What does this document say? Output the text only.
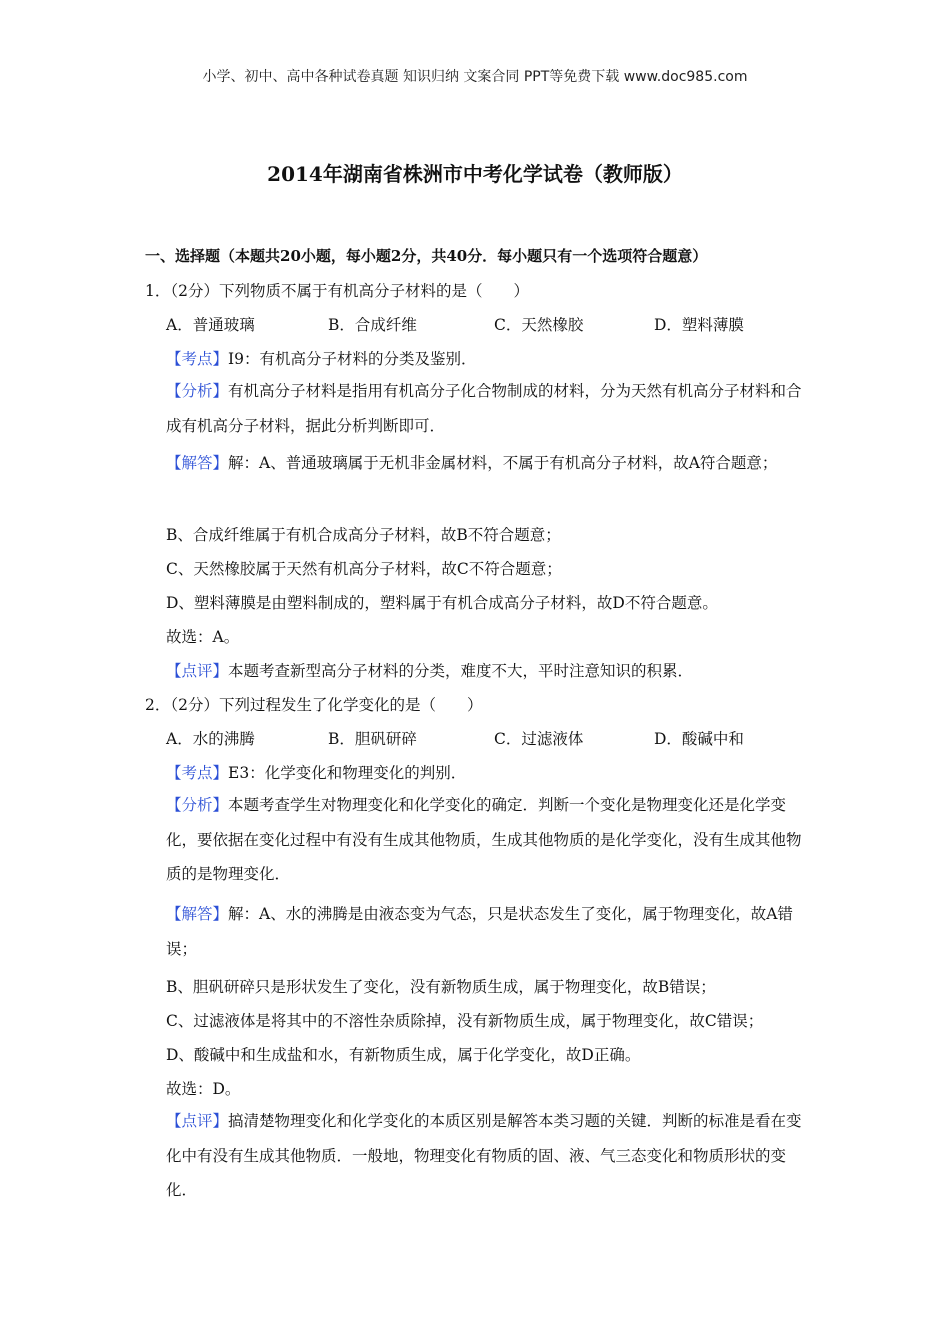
小学、初中、高中各种试卷真题 知识归纳 文案合同 PPT等免费下载 www.doc985.com
2014年湖南省株洲市中考化学试卷（教师版）
一、选择题（本题共20小题，每小题2分，共40分．每小题只有一个选项符合题意）
1．（2分）下列物质不属于有机高分子材料的是（　　）
A．普通玻璃	B．合成纤维	C．天然橡胶	D．塑料薄膜
【考点】I9：有机高分子材料的分类及鉴别．
【分析】有机高分子材料是指用有机高分子化合物制成的材料，分为天然有机高分子材料和合成有机高分子材料，据此分析判断即可．
【解答】解：A、普通玻璃属于无机非金属材料，不属于有机高分子材料，故A符合题意；
B、合成纤维属于有机合成高分子材料，故B不符合题意；
C、天然橡胶属于天然有机高分子材料，故C不符合题意；
D、塑料薄膜是由塑料制成的，塑料属于有机合成高分子材料，故D不符合题意。
故选：A。
【点评】本题考查新型高分子材料的分类，难度不大，平时注意知识的积累．
2．（2分）下列过程发生了化学变化的是（　　）
A．水的沸腾	B．胆矾研碎	C．过滤液体	D．酸碱中和
【考点】E3：化学变化和物理变化的判别．
【分析】本题考查学生对物理变化和化学变化的确定．判断一个变化是物理变化还是化学变化，要依据在变化过程中有没有生成其他物质，生成其他物质的是化学变化，没有生成其他物质的是物理变化．
【解答】解：A、水的沸腾是由液态变为气态，只是状态发生了变化，属于物理变化，故A错误；
B、胆矾研碎只是形状发生了变化，没有新物质生成，属于物理变化，故B错误；
C、过滤液体是将其中的不溶性杂质除掉，没有新物质生成，属于物理变化，故C错误；
D、酸碱中和生成盐和水，有新物质生成，属于化学变化，故D正确。
故选：D。
【点评】搞清楚物理变化和化学变化的本质区别是解答本类习题的关键．判断的标准是看在变化中有没有生成其他物质．一般地，物理变化有物质的固、液、气三态变化和物质形状的变化．
